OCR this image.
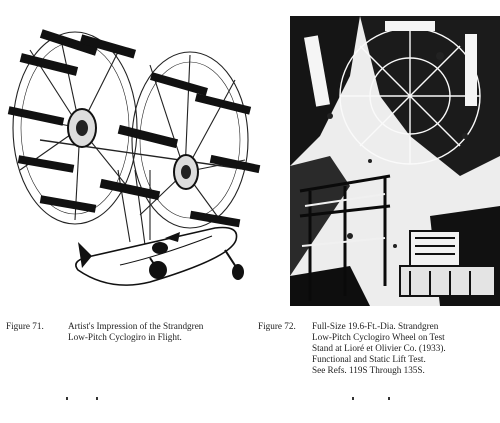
Figure 71.	Artist's Impression of the Strandgren
Low-Pitch Cyclogiro in Flight.
Figure 72.	Full-Size 19.6-Ft.-Dia. Strandgren
Low-Pitch Cyclogiro Wheel on Test
Stand at Lioré et Olivier Co. (1933).
Functional and Static Lift Test.
See Refs. 119S Through 135S.
